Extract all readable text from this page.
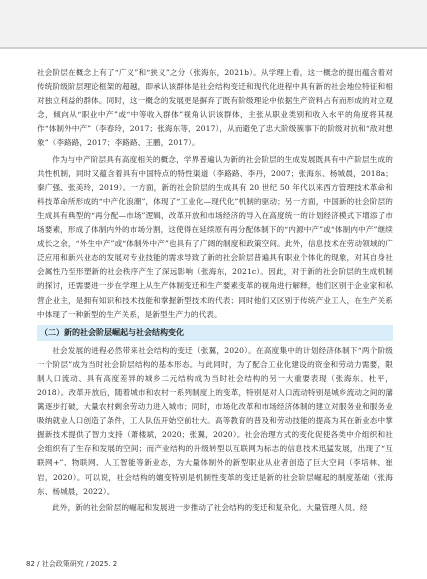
社会阶层在概念上有了“广义”和“狭义”之分（张海东，2021b）。从学理上看，这一概念的提出蕴含着对传统阶级阶层理论框架的超越，即承认该群体是社会结构变迁和现代化进程中具有新的社会地位特征和相对独立利益的群体。同时，这一概念的发展更是摒弃了既有阶级理论中依据生产资料占有而形成的对立观念，倾向从“职业中产”或“中等收入群体”视角认识该群体，主张从职业类别和收入水平的角度将其视作“体制外中产”（李春玲，2017；张海东等，2017），从而避免了忠大阶级簇事下的阶级对抗和“敌对想象”（李路路，2017；李路路、王鹏，2017）。

作为与中产阶层具有高度相关的概念，学界普遍认为新的社会阶层的生成发展既具有中产阶层生成的共性机制，同时又蕴含着具有中国特点的特性渠道（李路路、李丹，2007；张海东、杨城晨，2018a；秦广强、张美玲，2019）。一方面，新的社会阶层的生成具有 20 世纪 50 年代以来西方管理技术革命和科技革命所形成的“中产化浪潮”，体现了“工业化—现代化”机制的驱动；另一方面，中国新的社会阶层的生成具有典型的“再分配—市场”逻辑，改革开放和市场经济的导入在高度统一的计划经济模式下增添了市场要素，形成了体制内外的市场分割，这使得在延续原有再分配体制下的“内源中产”或“体制内中产”继续成长之余，“外生中产”或“体制外中产”也具有了广阔的制度和政策空间。此外，信息技术在劳动领域的广泛应用和新兴业态的发展对专业技能的需求导致了新的社会阶层普遍具有职业个体化的现象，对其自身社会属性乃至形塑新的社会秩序产生了深远影响（张海东，2021c）。因此，对于新的社会阶层的生成机制的探讨，还需要进一步在学理上从生产体制变迁和生产要素变革的视角进行解释，他们区别于企业家和私营企业主，是拥有知识和技术技能和掌握新型技术的代表；同时他们又区别于传统产业工人，在生产关系中体现了一种新型的生产关系，是新型生产力的代表。

（二）新的社会阶层崛起与社会结构变化

社会发展的进程必然带来社会结构的变迁（张翼，2020）。在高度集中的计划经济体制下“两个阶级一个阶层”成为当时社会阶层结构的基本形态。与此同时，为了配合工业化建设的资金和劳动力需要，限制人口流动、具有高度差异的城乡二元结构成为当时社会结构的另一大重要表现（张海东、杜平，2018）。改革开放后，随着城市和农村一系列制度上的变革，特别是对人口流动特别是城乡流动之间的藩篱逐步打破，大量农村剩余劳动力进入城市；同时，市场化改革和市场经济体制的建立对服务业和服务业吸纳就业人口创造了条件，工人队伍开始空前壮大。高等教育的普及和劳动技能的提高为其在新业态中掌握新技术提供了智力支持（萧楼斌，2020；张翼，2020）。社会治理方式的变化促使各类中介组织和社会组织有了生存和发展的空间；而产业结构的升级转型以互联网为标志的信息技术迅猛发展，出现了“互联网+”、物联网、人工智能等新业态，为大量体制外的新型职业从业者创造了巨大空间（李培林、崔岩，2020）。可以说，社会结构的嬗变特别是机制性变革的变迁是新的社会阶层崛起的制度基础（张海东、杨城晨，2022）。

此外，新的社会阶层的崛起和发展进一步推动了社会结构的变迁和复杂化。大量管理人员、经

82 / 社会政策研究 / 2025. 2
